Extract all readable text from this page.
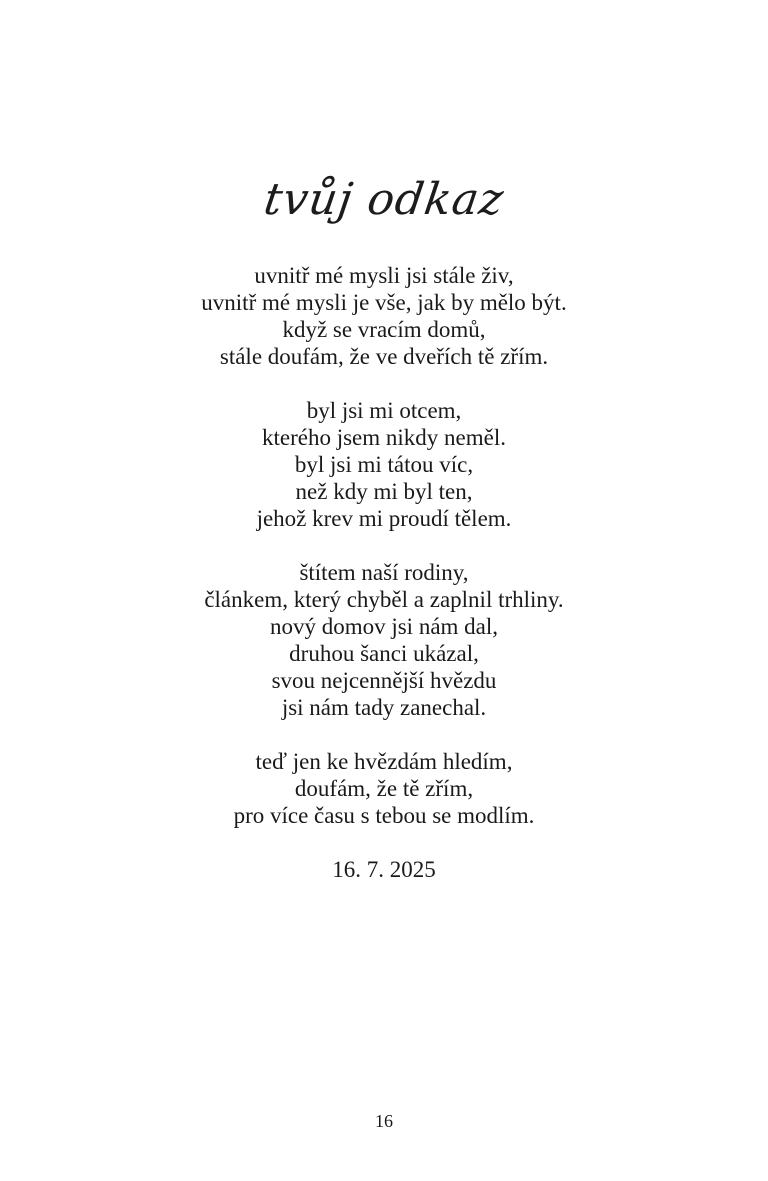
tvůj odkaz
uvnitř mé mysli jsi stále živ,
uvnitř mé mysli je vše, jak by mělo být.
když se vracím domů,
stále doufám, že ve dveřích tě zřím.
byl jsi mi otcem,
kterého jsem nikdy neměl.
byl jsi mi tátou víc,
než kdy mi byl ten,
jehož krev mi proudí tělem.
štítem naší rodiny,
článkem, který chyběl a zaplnil trhliny.
nový domov jsi nám dal,
druhou šanci ukázal,
svou nejcennější hvězdu
jsi nám tady zanechal.
teď jen ke hvězdám hledím,
doufám, že tě zřím,
pro více času s tebou se modlím.
16. 7. 2025
16
